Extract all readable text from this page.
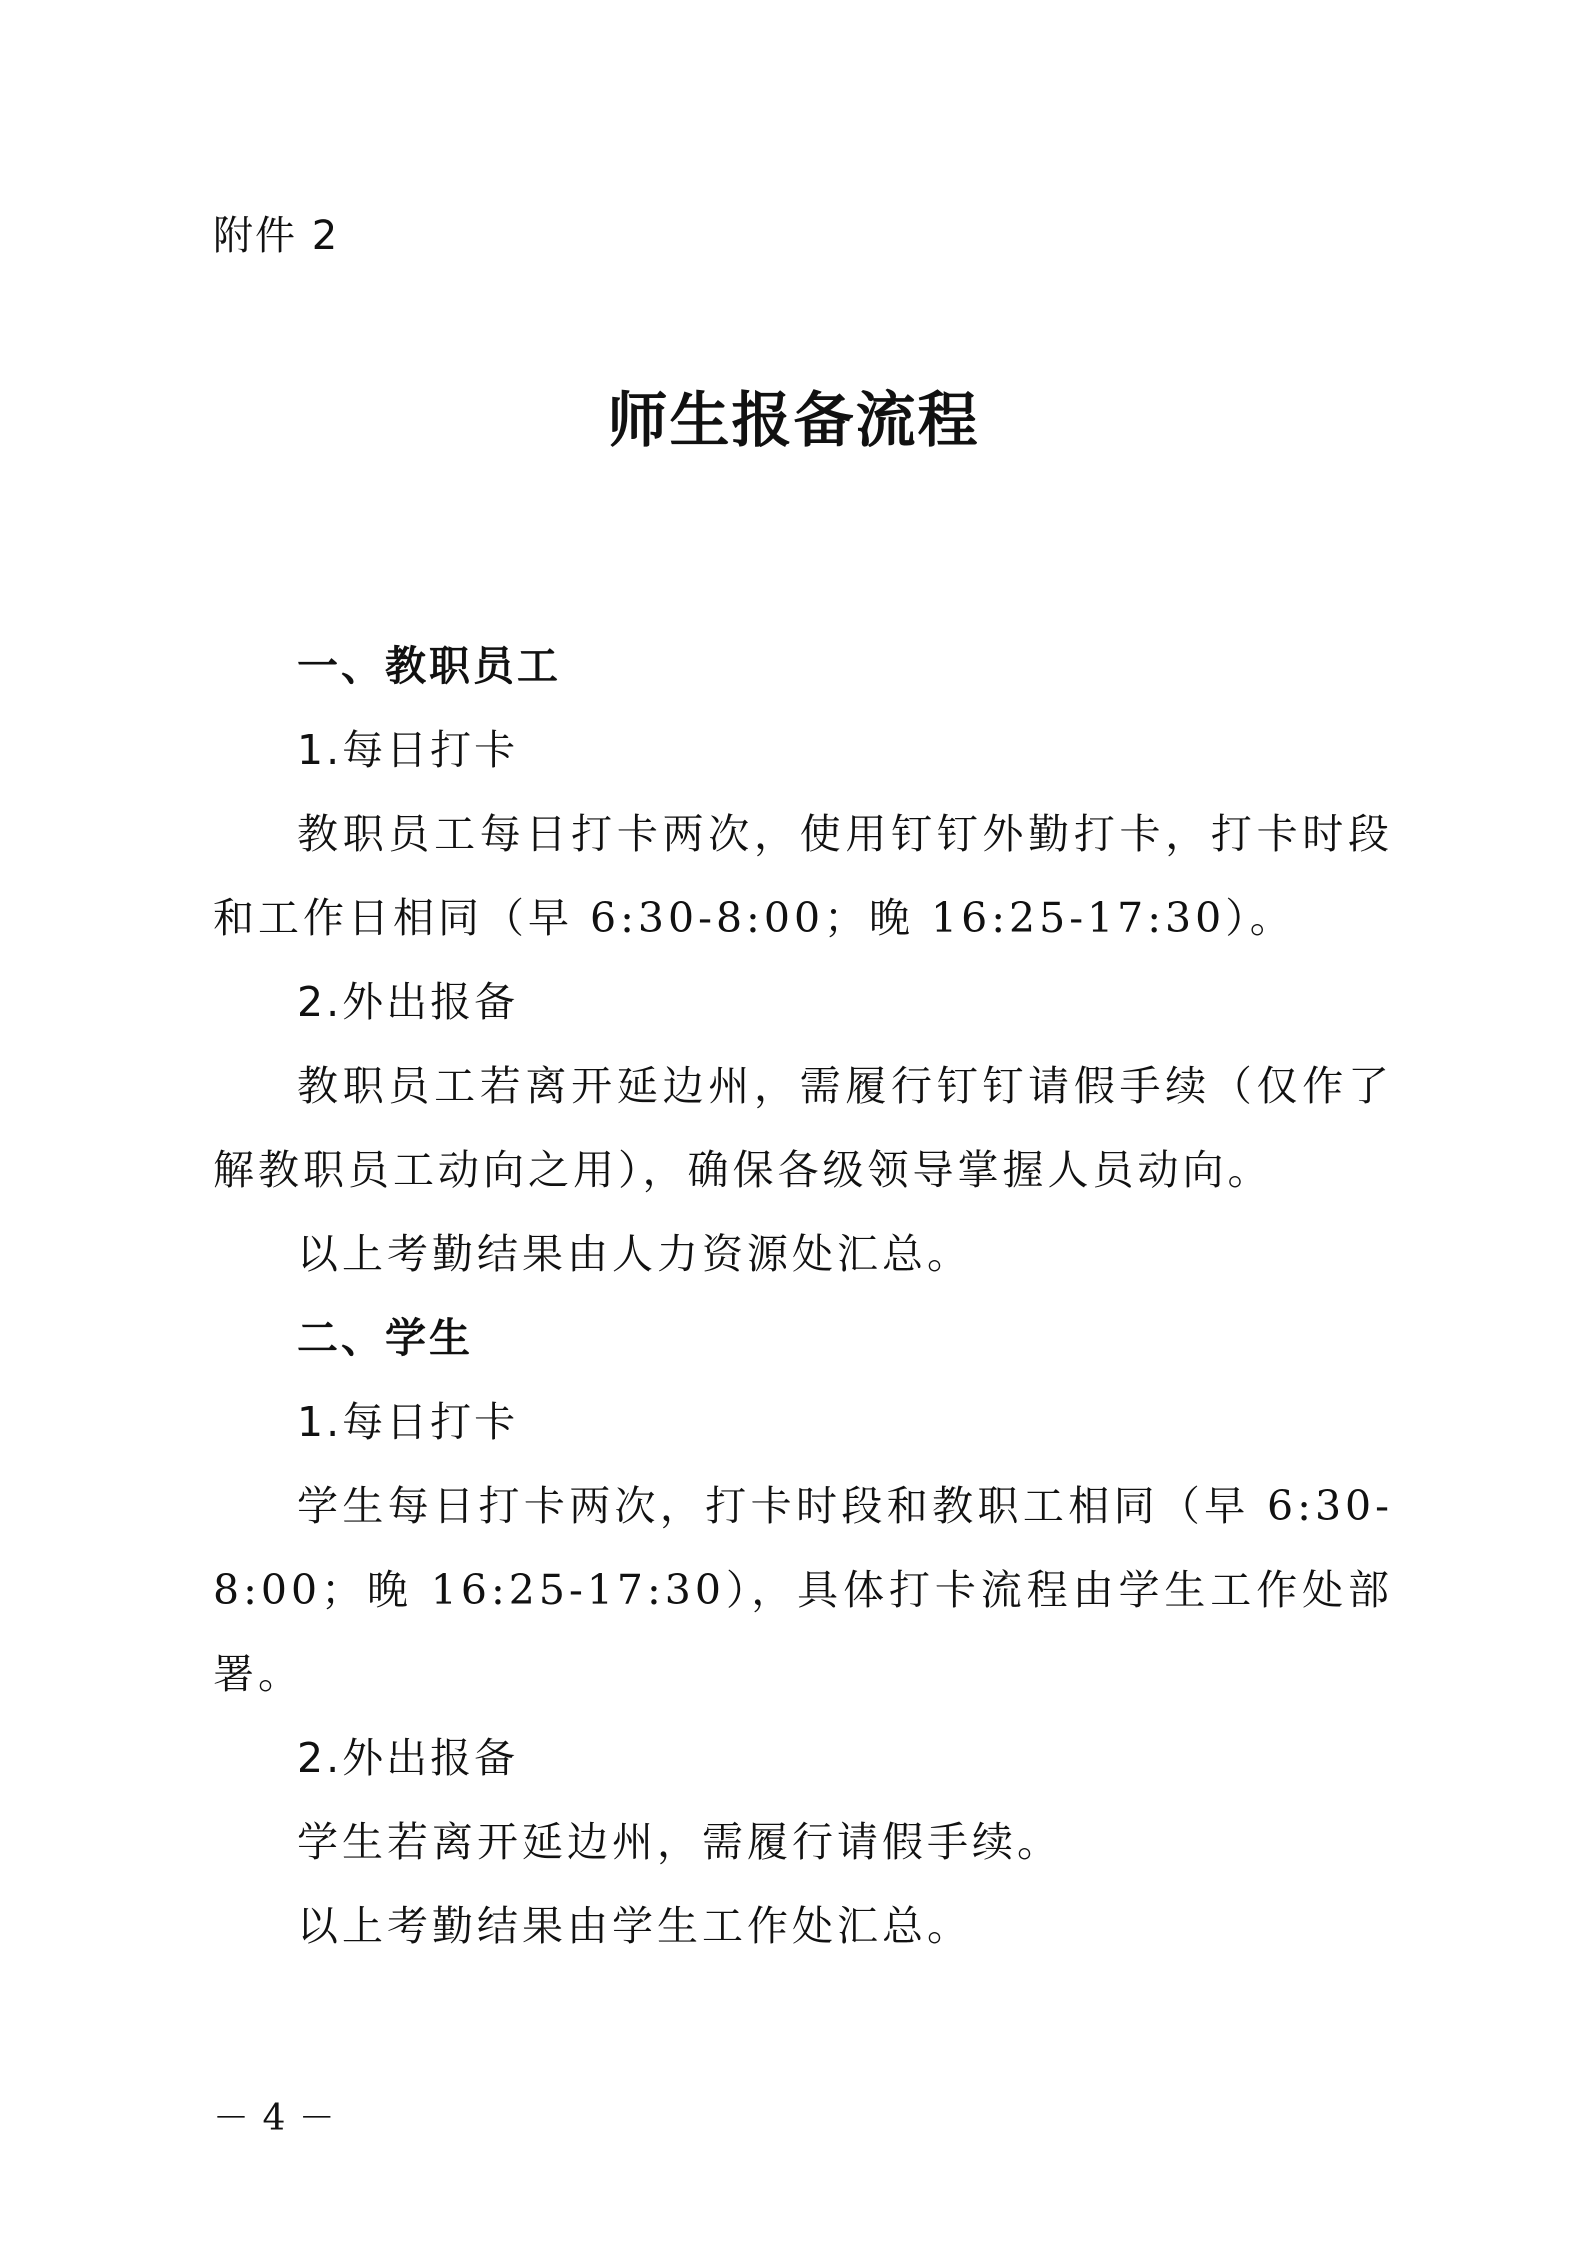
附件 2
师生报备流程

一、教职员工

1.每日打卡

教职员工每日打卡两次，使用钉钉外勤打卡，打卡时段和工作日相同（早 6:30-8:00；晚 16:25-17:30）。

2.外出报备

教职员工若离开延边州，需履行钉钉请假手续（仅作了解教职员工动向之用），确保各级领导掌握人员动向。

以上考勤结果由人力资源处汇总。

二、学生

1.每日打卡

学生每日打卡两次，打卡时段和教职工相同（早 6:30-8:00；晚 16:25-17:30），具体打卡流程由学生工作处部署。

2.外出报备

学生若离开延边州，需履行请假手续。

以上考勤结果由学生工作处汇总。

－ 4 －
